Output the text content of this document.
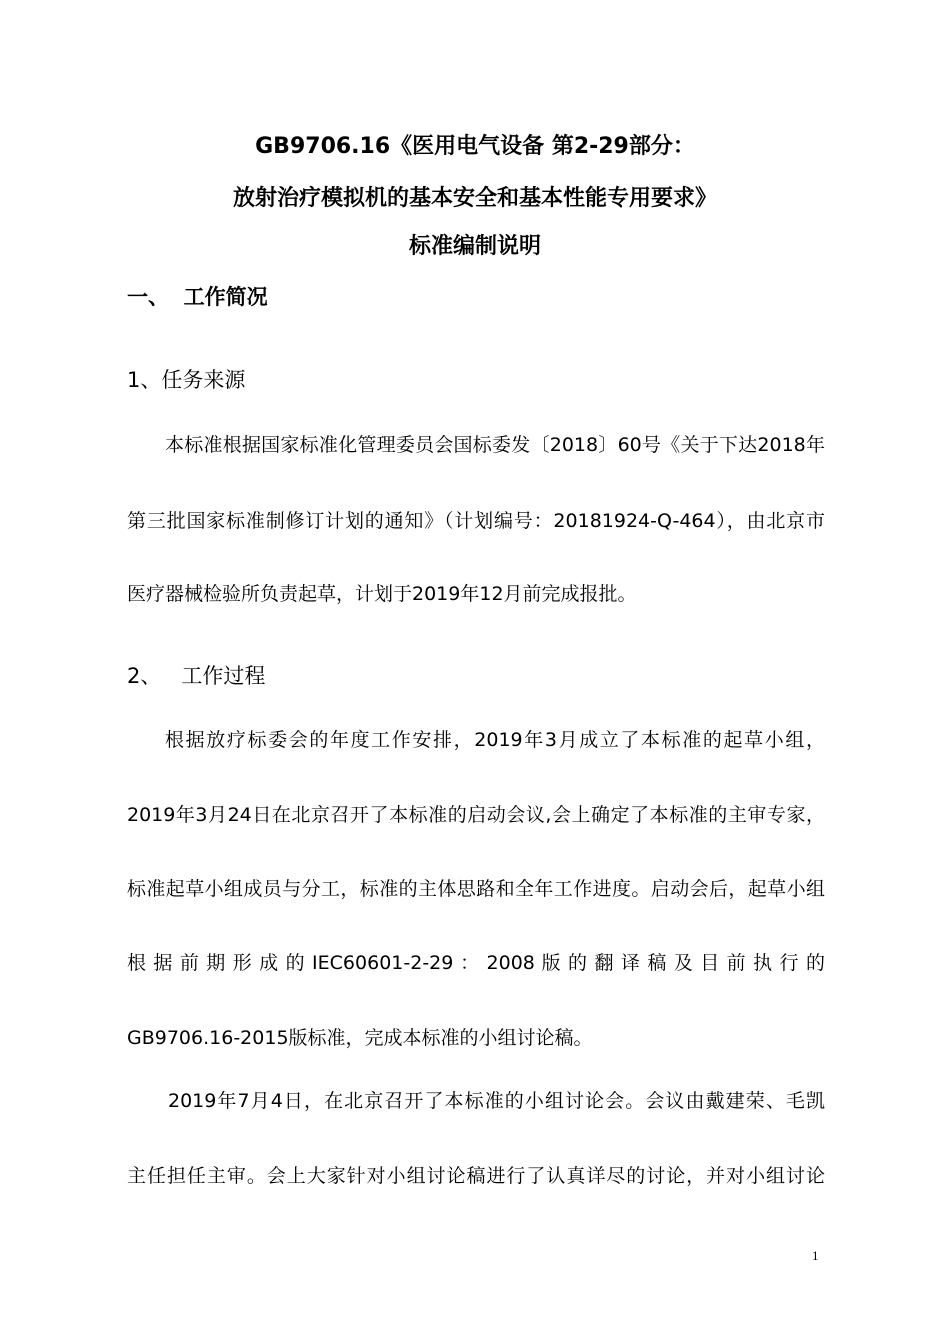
GB9706.16《医用电气设备 第2-29部分：
放射治疗模拟机的基本安全和基本性能专用要求》
标准编制说明
一、  工作简况
1、任务来源
本标准根据国家标准化管理委员会国标委发〔2018〕60号《关于下达2018年
第三批国家标准制修订计划的通知》（计划编号：20181924-Q-464），由北京市
医疗器械检验所负责起草，计划于2019年12月前完成报批。
2、   工作过程
根据放疗标委会的年度工作安排，2019年3月成立了本标准的起草小组，
2019年3月24日在北京召开了本标准的启动会议,会上确定了本标准的主审专家，
标准起草小组成员与分工，标准的主体思路和全年工作进度。启动会后，起草小组
根 据 前 期 形 成 的 IEC60601-2-29 ： 2008 版 的 翻 译 稿 及 目 前 执 行 的
GB9706.16-2015版标准，完成本标准的小组讨论稿。
2019年7月4日，在北京召开了本标准的小组讨论会。会议由戴建荣、毛凯
主任担任主审。会上大家针对小组讨论稿进行了认真详尽的讨论，并对小组讨论
1
